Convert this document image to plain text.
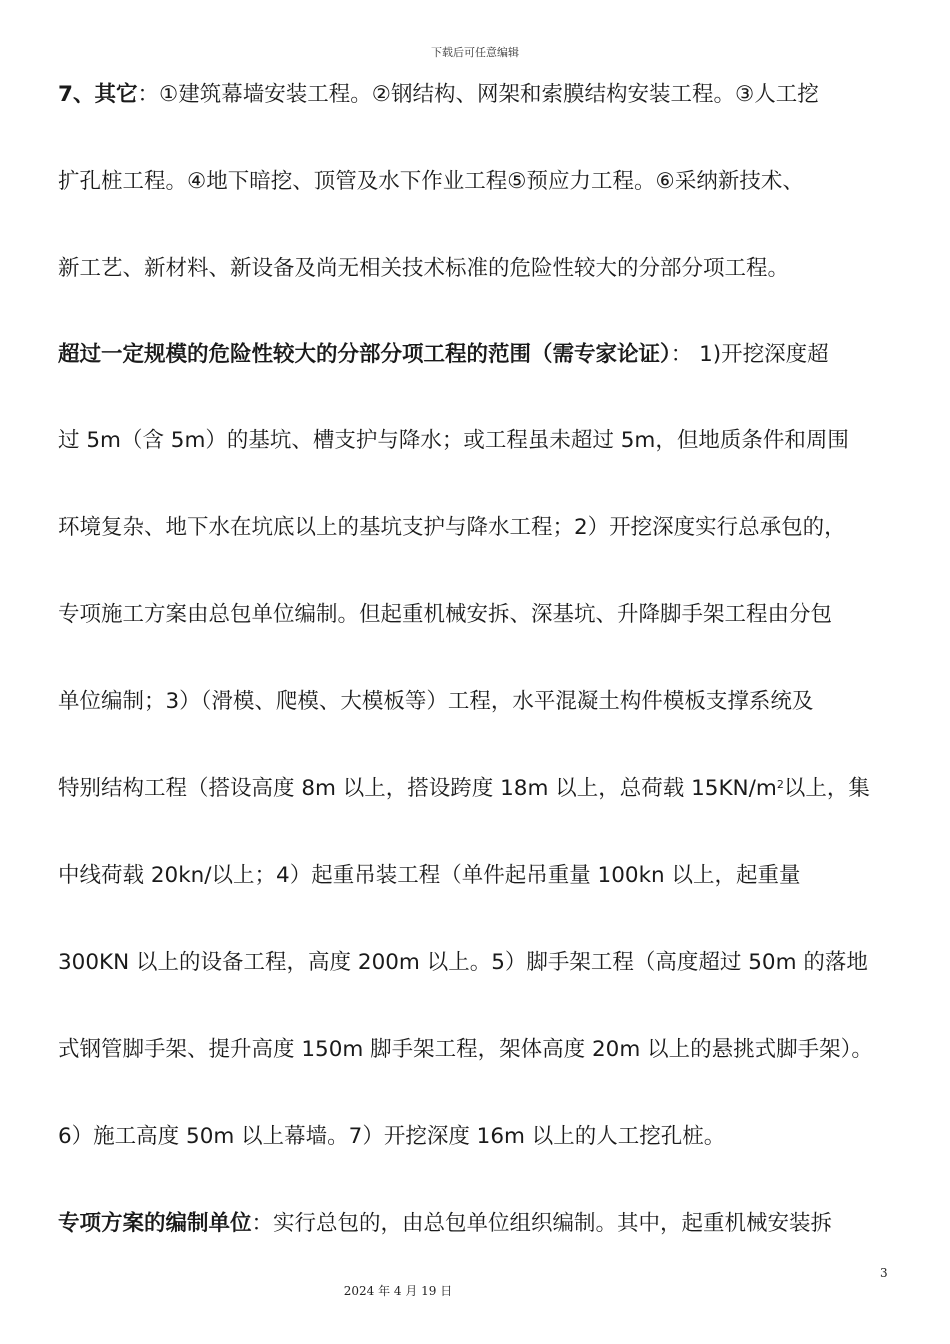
下载后可任意编辑
7、其它：①建筑幕墙安装工程。②钢结构、网架和索膜结构安装工程。③人工挖
扩孔桩工程。④地下暗挖、顶管及水下作业工程⑤预应力工程。⑥采纳新技术、
新工艺、新材料、新设备及尚无相关技术标准的危险性较大的分部分项工程。
超过一定规模的危险性较大的分部分项工程的范围（需专家论证）： 1)开挖深度超
过 5m（含 5m）的基坑、槽支护与降水；或工程虽未超过 5m，但地质条件和周围
环境复杂、地下水在坑底以上的基坑支护与降水工程；2）开挖深度实行总承包的，
专项施工方案由总包单位编制。但起重机械安拆、深基坑、升降脚手架工程由分包
单位编制；3）（滑模、爬模、大模板等）工程，水平混凝土构件模板支撑系统及
特别结构工程（搭设高度 8m 以上，搭设跨度 18m 以上，总荷载 $15KN/m^2$以上，集
中线荷载 20kn/以上；4）起重吊装工程（单件起吊重量 100kn 以上，起重量
300KN 以上的设备工程，高度 200m 以上。5）脚手架工程（高度超过 50m 的落地
式钢管脚手架、提升高度 150m 脚手架工程，架体高度 20m 以上的悬挑式脚手架）。
6）施工高度 50m 以上幕墙。7）开挖深度 16m 以上的人工挖孔桩。
专项方案的编制单位：实行总包的，由总包单位组织编制。其中，起重机械安装拆
3
2024 年 4 月 19 日
